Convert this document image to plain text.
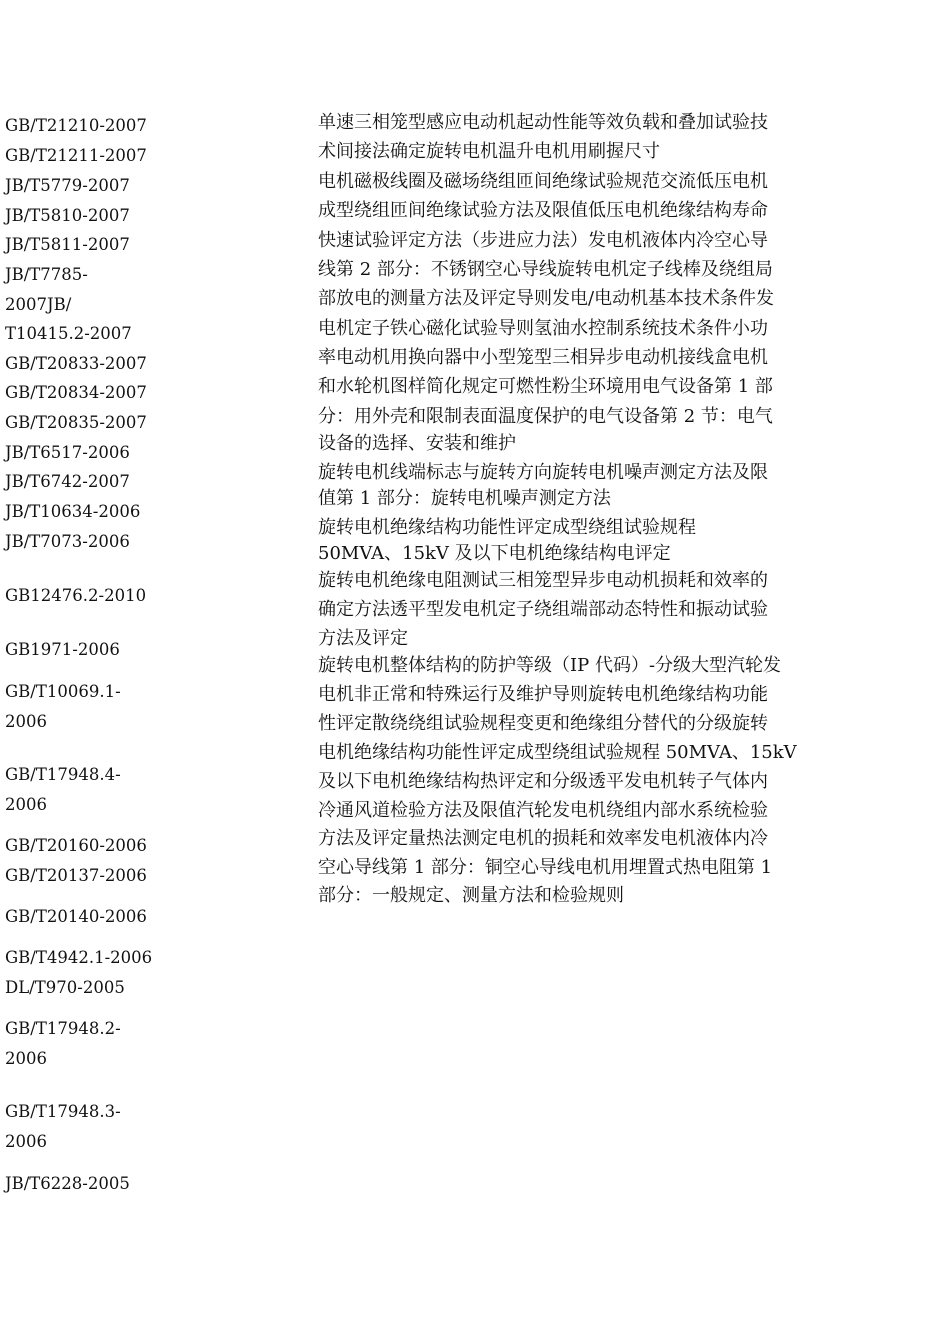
GB/T21210-2007
GB/T21211-2007
JB/T5779-2007
JB/T5810-2007
JB/T5811-2007
JB/T7785-
2007JB/
T10415.2-2007
GB/T20833-2007
GB/T20834-2007
GB/T20835-2007
JB/T6517-2006
JB/T6742-2007
JB/T10634-2006
JB/T7073-2006
GB12476.2-2010
GB1971-2006
GB/T10069.1-
2006
GB/T17948.4-
2006
GB/T20160-2006
GB/T20137-2006
GB/T20140-2006
GB/T4942.1-2006
DL/T970-2005
GB/T17948.2-
2006
GB/T17948.3-
2006
JB/T6228-2005
单速三相笼型感应电动机起动性能等效负载和叠加试验技
术间接法确定旋转电机温升电机用刷握尺寸
电机磁极线圈及磁场绕组匝间绝缘试验规范交流低压电机
成型绕组匝间绝缘试验方法及限值低压电机绝缘结构寿命
快速试验评定方法（步进应力法）发电机液体内冷空心导
线第 2 部分：不锈钢空心导线旋转电机定子线棒及绕组局
部放电的测量方法及评定导则发电/电动机基本技术条件发
电机定子铁心磁化试验导则氢油水控制系统技术条件小功
率电动机用换向器中小型笼型三相异步电动机接线盒电机
和水轮机图样简化规定可燃性粉尘环境用电气设备第 1 部
分：用外壳和限制表面温度保护的电气设备第 2 节：电气
设备的选择、安装和维护
旋转电机线端标志与旋转方向旋转电机噪声测定方法及限
值第 1 部分：旋转电机噪声测定方法
旋转电机绝缘结构功能性评定成型绕组试验规程
50MVA、15kV 及以下电机绝缘结构电评定
旋转电机绝缘电阻测试三相笼型异步电动机损耗和效率的
确定方法透平型发电机定子绕组端部动态特性和振动试验
方法及评定
旋转电机整体结构的防护等级（IP 代码）-分级大型汽轮发
电机非正常和特殊运行及维护导则旋转电机绝缘结构功能
性评定散绕绕组试验规程变更和绝缘组分替代的分级旋转
电机绝缘结构功能性评定成型绕组试验规程 50MVA、15kV
及以下电机绝缘结构热评定和分级透平发电机转子气体内
冷通风道检验方法及限值汽轮发电机绕组内部水系统检验
方法及评定量热法测定电机的损耗和效率发电机液体内冷
空心导线第 1 部分：铜空心导线电机用埋置式热电阻第 1
部分：一般规定、测量方法和检验规则
